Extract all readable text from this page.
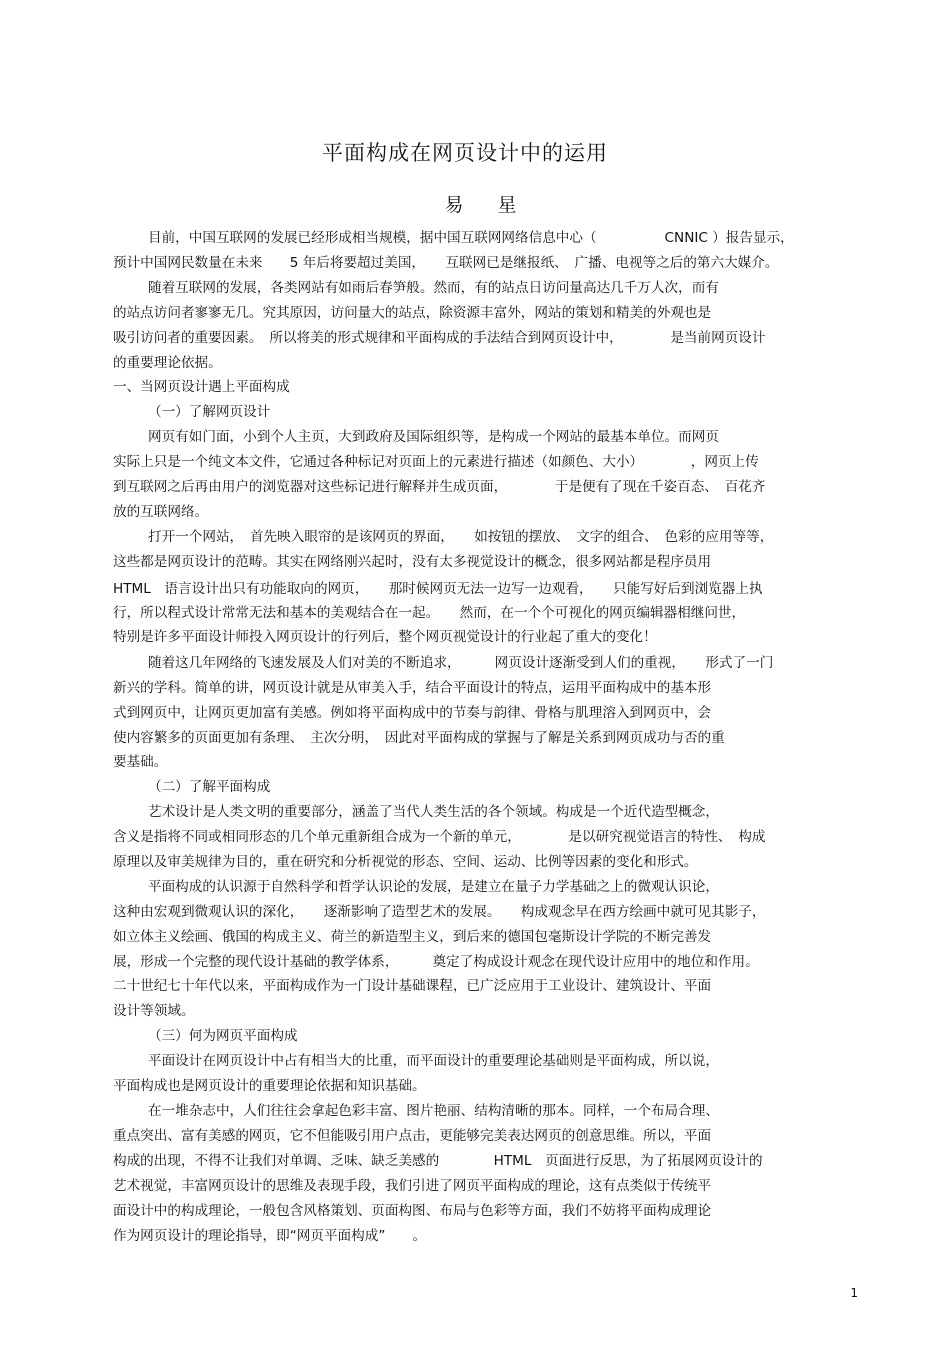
平面构成在网页设计中的运用
易 星
目前，中国互联网的发展已经形成相当规模，据中国互联网网络信息中心（　　　　　CNNIC ）报告显示，
预计中国网民数量在未来　　5 年后将要超过美国，　　互联网已是继报纸、　广播、电视等之后的第六大媒介。
随着互联网的发展，各类网站有如雨后春笋般。然而，有的站点日访问量高达几千万人次，而有
的站点访问者寥寥无几。究其原因，访问量大的站点，除资源丰富外，网站的策划和精美的外观也是
吸引访问者的重要因素。　所以将美的形式规律和平面构成的手法结合到网页设计中，　　　　是当前网页设计
的重要理论依据。
一、当网页设计遇上平面构成
（一）了解网页设计
网页有如门面，小到个人主页，大到政府及国际组织等，是构成一个网站的最基本单位。而网页
实际上只是一个纯文本文件，它通过各种标记对页面上的元素进行描述（如颜色、大小）　　　　，网页上传
到互联网之后再由用户的浏览器对这些标记进行解释并生成页面，　　　　于是便有了现在千姿百态、　百花齐
放的互联网络。
打开一个网站，　首先映入眼帘的是该网页的界面，　　如按钮的摆放、　文字的组合、　色彩的应用等等，
这些都是网页设计的范畴。其实在网络刚兴起时，没有太多视觉设计的概念，很多网站都是程序员用
HTML　语言设计出只有功能取向的网页，　　那时候网页无法一边写一边观看，　　只能写好后到浏览器上执
行，所以程式设计常常无法和基本的美观结合在一起。　　然而，在一个个可视化的网页编辑器相继问世，
特别是许多平面设计师投入网页设计的行列后，整个网页视觉设计的行业起了重大的变化！
随着这几年网络的飞速发展及人们对美的不断追求，　　　网页设计逐渐受到人们的重视，　　形式了一门
新兴的学科。简单的讲，网页设计就是从审美入手，结合平面设计的特点，运用平面构成中的基本形
式到网页中，让网页更加富有美感。例如将平面构成中的节奏与韵律、骨格与肌理溶入到网页中，会
使内容繁多的页面更加有条理、　主次分明，　因此对平面构成的掌握与了解是关系到网页成功与否的重
要基础。
（二）了解平面构成
艺术设计是人类文明的重要部分，涵盖了当代人类生活的各个领域。构成是一个近代造型概念，
含义是指将不同或相同形态的几个单元重新组合成为一个新的单元，　　　　是以研究视觉语言的特性、　构成
原理以及审美规律为目的，重在研究和分析视觉的形态、空间、运动、比例等因素的变化和形式。
平面构成的认识源于自然科学和哲学认识论的发展，是建立在量子力学基础之上的微观认识论，
这种由宏观到微观认识的深化，　　逐渐影响了造型艺术的发展。　　构成观念早在西方绘画中就可见其影子，
如立体主义绘画、俄国的构成主义、荷兰的新造型主义，到后来的德国包毫斯设计学院的不断完善发
展，形成一个完整的现代设计基础的教学体系，　　　奠定了构成设计观念在现代设计应用中的地位和作用。
二十世纪七十年代以来，平面构成作为一门设计基础课程，已广泛应用于工业设计、建筑设计、平面
设计等领域。
（三）何为网页平面构成
平面设计在网页设计中占有相当大的比重，而平面设计的重要理论基础则是平面构成，所以说，
平面构成也是网页设计的重要理论依据和知识基础。
在一堆杂志中，人们往往会拿起色彩丰富、图片艳丽、结构清晰的那本。同样，一个布局合理、
重点突出、富有美感的网页，它不但能吸引用户点击，更能够完美表达网页的创意思维。所以，平面
构成的出现，不得不让我们对单调、乏味、缺乏美感的　　　　HTML　页面进行反思，为了拓展网页设计的
艺术视觉，丰富网页设计的思维及表现手段，我们引进了网页平面构成的理论，这有点类似于传统平
面设计中的构成理论，一般包含风格策划、页面构图、布局与色彩等方面，我们不妨将平面构成理论
作为网页设计的理论指导，即“网页平面构成”　　。
1
